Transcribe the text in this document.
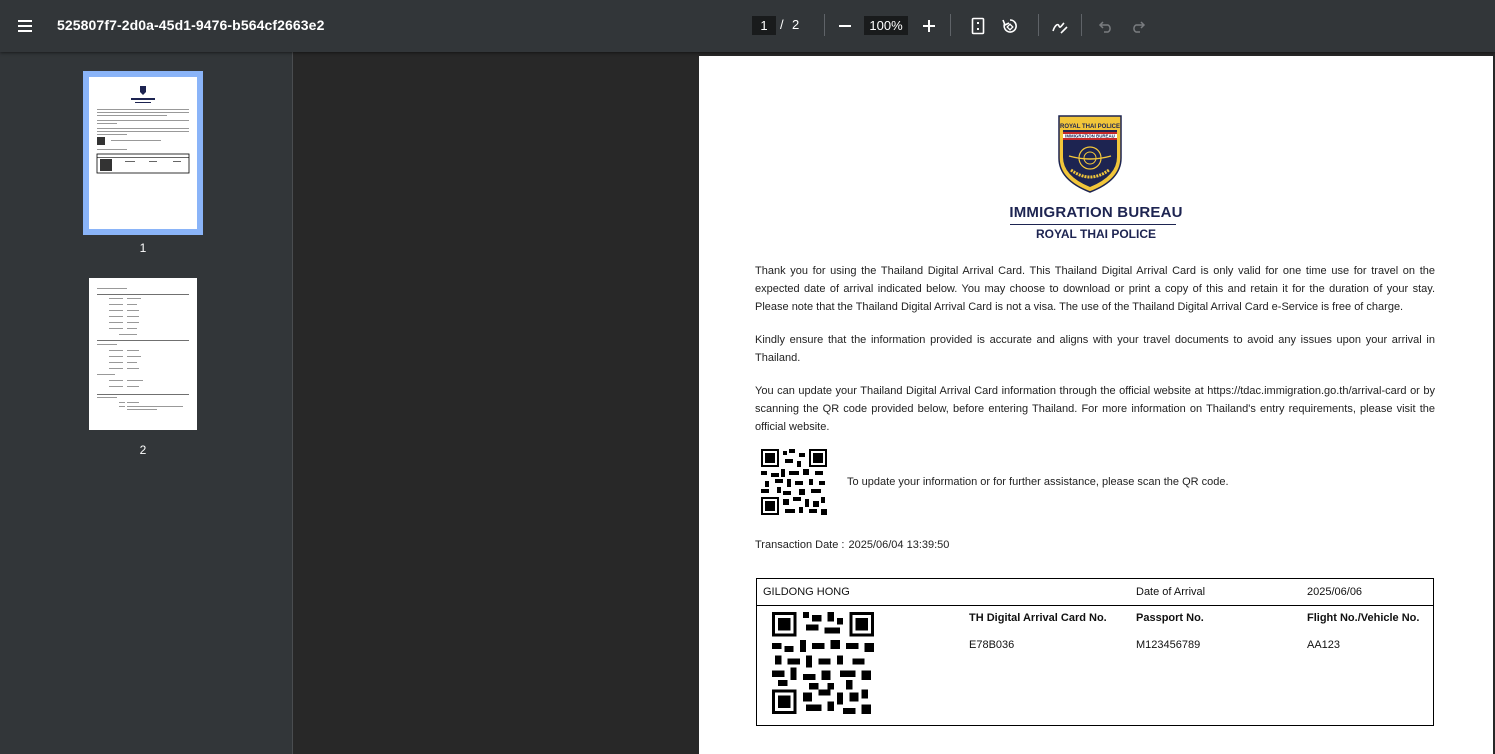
525807f7-2d0a-45d1-9476-b564cf2663e2	1 / 2	100%
1
2
ROYAL THAI POLICE
IMMIGRATION BUREAU
IMMIGRATION BUREAU
ROYAL THAI POLICE
Thank you for using the Thailand Digital Arrival Card. This Thailand Digital Arrival Card is only valid for one time use for travel on the expected date of arrival indicated below. You may choose to download or print a copy of this and retain it for the duration of your stay. Please note that the Thailand Digital Arrival Card is not a visa. The use of the Thailand Digital Arrival Card e-Service is free of charge.
Kindly ensure that the information provided is accurate and aligns with your travel documents to avoid any issues upon your arrival in Thailand.
You can update your Thailand Digital Arrival Card information through the official website at https://tdac.immigration.go.th/arrival-card or by scanning the QR code provided below, before entering Thailand. For more information on Thailand's entry requirements, please visit the official website.
To update your information or for further assistance, please scan the QR code.
Transaction Date : 2025/06/04 13:39:50
GILDONG HONG	Date of Arrival	2025/06/06
TH Digital Arrival Card No.	Passport No.	Flight No./Vehicle No.
E78B036	M123456789	AA123
